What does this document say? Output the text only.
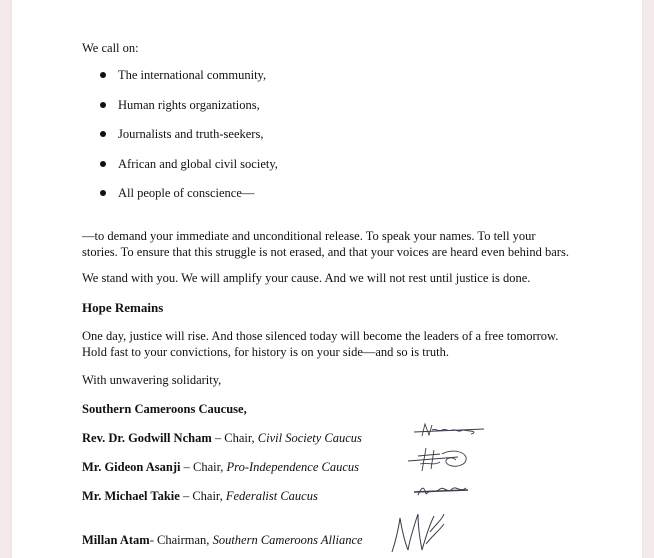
We call on:

The international community,
Human rights organizations,
Journalists and truth-seekers,
African and global civil society,
All people of conscience—

—to demand your immediate and unconditional release. To speak your names. To tell your

stories. To ensure that this struggle is not erased, and that your voices are heard even behind bars.

We stand with you. We will amplify your cause. And we will not rest until justice is done.

Hope Remains

One day, justice will rise. And those silenced today will become the leaders of a free tomorrow.

Hold fast to your convictions, for history is on your side—and so is truth.

With unwavering solidarity,

Southern Cameroons Caucuse,

Rev. Dr. Godwill Ncham – Chair, Civil Society Caucus

Mr. Gideon Asanji – Chair, Pro-Independence Caucus

Mr. Michael Takie – Chair, Federalist Caucus

Millan Atam- Chairman, Southern Cameroons Alliance
